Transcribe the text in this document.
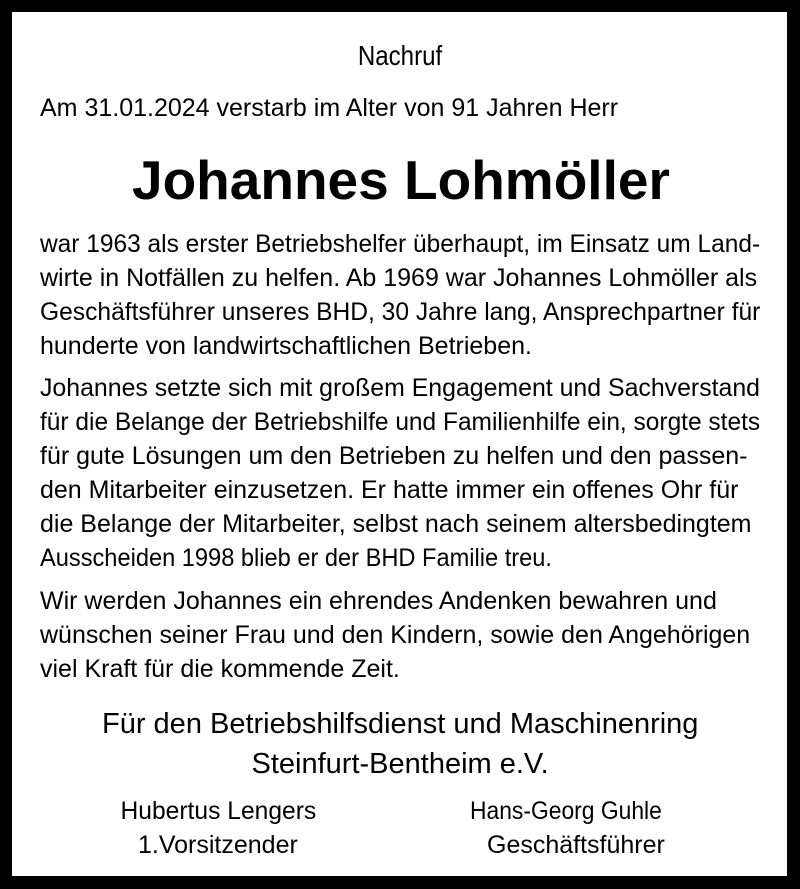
Nachruf
Am 31.01.2024 verstarb im Alter von 91 Jahren Herr
Johannes Lohmöller
war 1963 als erster Betriebshelfer überhaupt, im Einsatz um Land-
wirte in Notfällen zu helfen. Ab 1969 war Johannes Lohmöller als
Geschäftsführer unseres BHD, 30 Jahre lang, Ansprechpartner für
hunderte von landwirtschaftlichen Betrieben.
Johannes setzte sich mit großem Engagement und Sachverstand
für die Belange der Betriebshilfe und Familienhilfe ein, sorgte stets
für gute Lösungen um den Betrieben zu helfen und den passen-
den Mitarbeiter einzusetzen. Er hatte immer ein offenes Ohr für
die Belange der Mitarbeiter, selbst nach seinem altersbedingtem
Ausscheiden 1998 blieb er der BHD Familie treu.
Wir werden Johannes ein ehrendes Andenken bewahren und
wünschen seiner Frau und den Kindern, sowie den Angehörigen
viel Kraft für die kommende Zeit.
Für den Betriebshilfsdienst und Maschinenring
Steinfurt-Bentheim e.V.
Hubertus Lengers
1.Vorsitzender
Hans-Georg Guhle
Geschäftsführer
